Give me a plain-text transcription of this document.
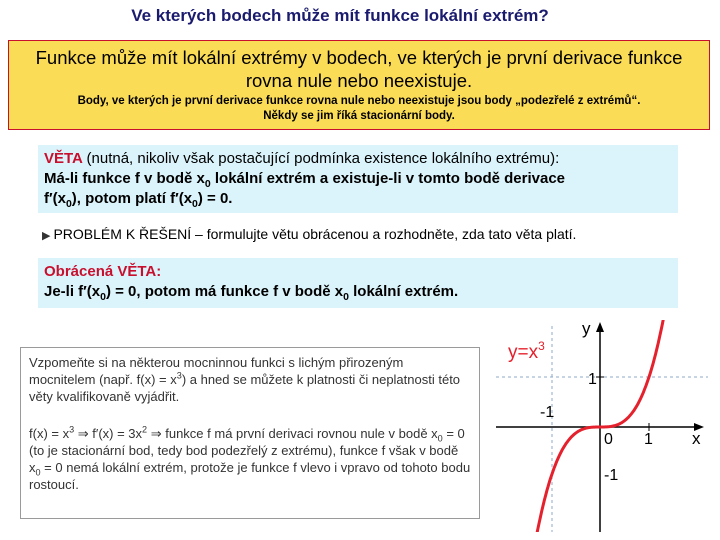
Ve kterých bodech může mít funkce lokální extrém?
Funkce může mít lokální extrémy v bodech, ve kterých je první derivace funkce rovna nule nebo neexistuje.
Body, ve kterých je první derivace funkce rovna nule nebo neexistuje jsou body „podezřelé z extrémů“.
Někdy se jim říká stacionární body.
VĚTA (nutná, nikoliv však postačující podmínka existence lokálního extrému):
Má-li funkce f v bodě $x_0$ lokální extrém a existuje-li v tomto bodě derivace
$f'(x_0)$, potom platí $f'(x_0) = 0$.
▶ PROBLÉM K ŘEŠENÍ – formulujte větu obrácenou a rozhodněte, zda tato věta platí.
Obrácená VĚTA:
Je-li $f'(x_0) = 0$, potom má funkce f v bodě $x_0$ lokální extrém.

Vzpomeňte si na některou mocninnou funkci s lichým přirozeným mocnitelem (např. $f(x) = x^3$) a hned se můžete k platnosti či neplatnosti této věty kvalifikovaně vyjádřit.

$f(x) = x^3$ ⇒ $f'(x) = 3x^2$ ⇒ funkce f má první derivaci rovnou nule v bodě $x_0 = 0$ (to je stacionární bod, tedy bod podezřelý z extrému), funkce f však v bodě $x_0 = 0$ nemá lokální extrém, protože je funkce f vlevo i vpravo od tohoto bodu rostoucí.

$y=x^3$
y
x
1
-1
0 1
-1
